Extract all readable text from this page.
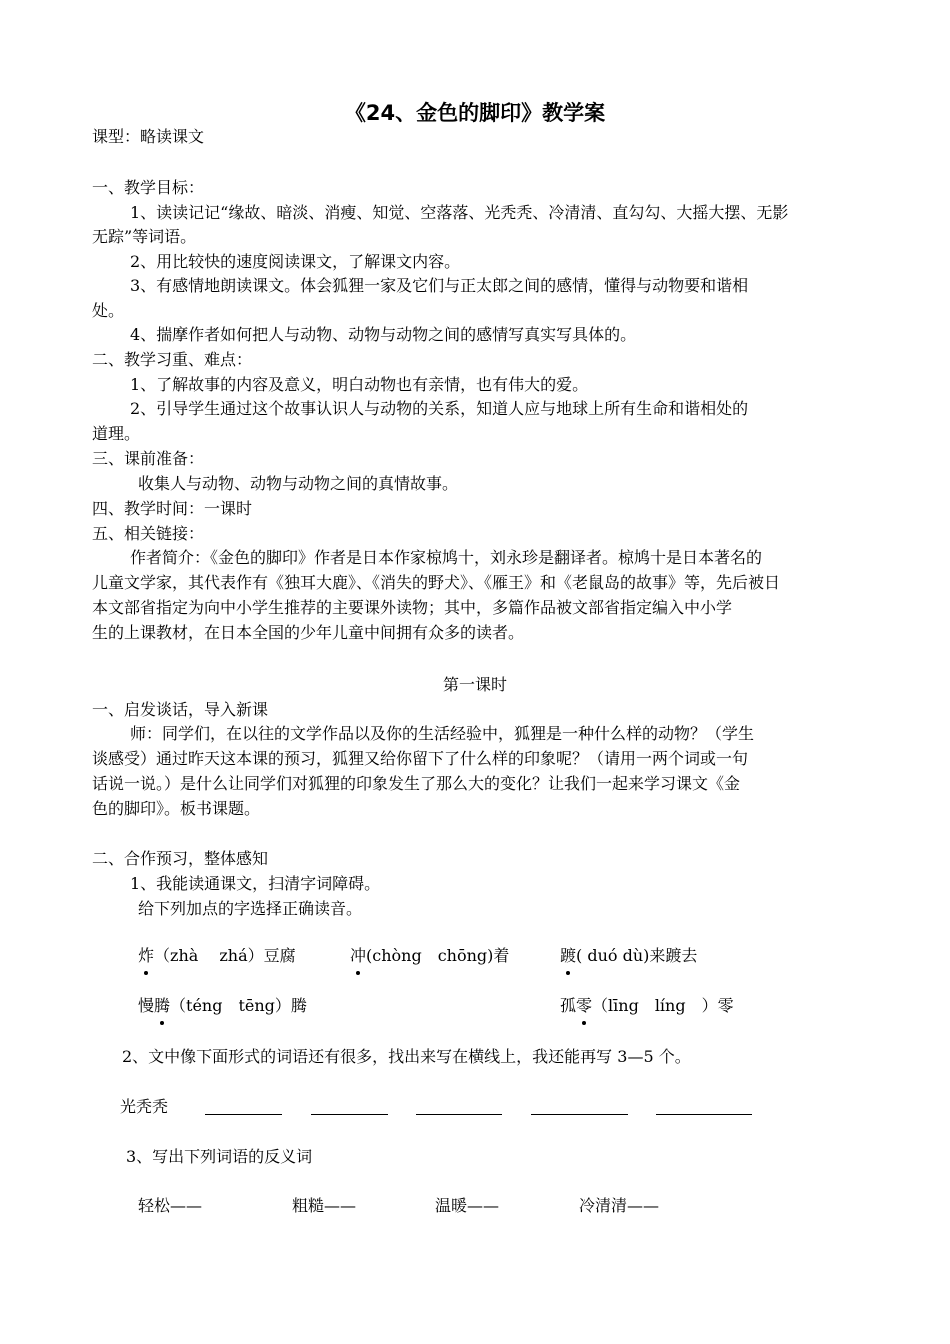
《24、金色的脚印》教学案
课型：略读课文
一、教学目标：
1、读读记记“缘故、暗淡、消瘦、知觉、空落落、光秃秃、冷清清、直勾勾、大摇大摆、无影
无踪”等词语。
2、用比较快的速度阅读课文，了解课文内容。
3、有感情地朗读课文。体会狐狸一家及它们与正太郎之间的感情，懂得与动物要和谐相
处。
4、揣摩作者如何把人与动物、动物与动物之间的感情写真实写具体的。
二、教学习重、难点：
1、了解故事的内容及意义，明白动物也有亲情，也有伟大的爱。
2、引导学生通过这个故事认识人与动物的关系，知道人应与地球上所有生命和谐相处的
道理。
三、课前准备：
收集人与动物、动物与动物之间的真情故事。
四、教学时间：一课时
五、相关链接：
作者简介：《金色的脚印》作者是日本作家椋鸠十，刘永珍是翻译者。椋鸠十是日本著名的
儿童文学家，其代表作有《独耳大鹿》、《消失的野犬》、《雁王》和《老鼠岛的故事》等，先后被日
本文部省指定为向中小学生推荐的主要课外读物；其中，多篇作品被文部省指定编入中小学
生的上课教材，在日本全国的少年儿童中间拥有众多的读者。
第一课时
一、启发谈话，导入新课
师：同学们，在以往的文学作品以及你的生活经验中，狐狸是一种什么样的动物？（学生
谈感受）通过昨天这本课的预习，狐狸又给你留下了什么样的印象呢？（请用一两个词或一句
话说一说。）是什么让同学们对狐狸的印象发生了那么大的变化？让我们一起来学习课文《金
色的脚印》。板书课题。
二、合作预习，整体感知
1、我能读通课文，扫清字词障碍。
给下列加点的字选择正确读音。
炸（zhà　 zhá）豆腐	冲(chòng　chōng)着	踱( duó dù)来踱去
慢腾（téng　tēng）腾	孤零（līng　líng　）零
2、文中像下面形式的词语还有很多，找出来写在横线上，我还能再写 3—5 个。
光秃秃
3、写出下列词语的反义词
轻松——	粗糙——	温暖——	冷清清——
